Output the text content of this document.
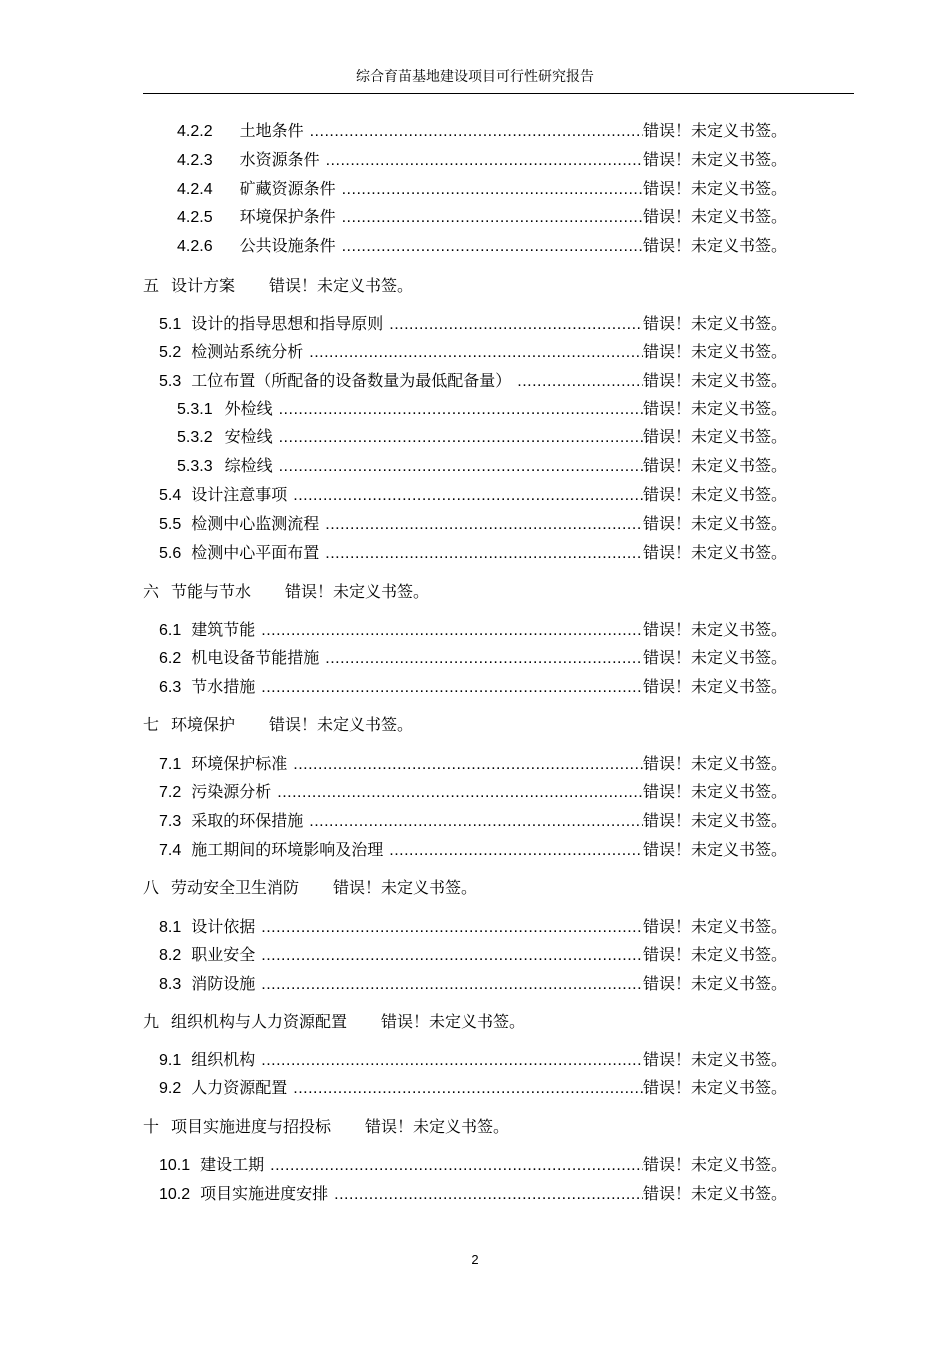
综合育苗基地建设项目可行性研究报告
4.2.2 土地条件 .....	错误！未定义书签。
4.2.3 水资源条件 .....	错误！未定义书签。
4.2.4 矿藏资源条件 .....	错误！未定义书签。
4.2.5 环境保护条件 .....	错误！未定义书签。
4.2.6 公共设施条件 .....	错误！未定义书签。
五 设计方案 错误！未定义书签。
5.1 设计的指导思想和指导原则 .....	错误！未定义书签。
5.2 检测站系统分析 .....	错误！未定义书签。
5.3 工位布置（所配备的设备数量为最低配备量） .....	错误！未定义书签。
5.3.1 外检线 .....	错误！未定义书签。
5.3.2 安检线 .....	错误！未定义书签。
5.3.3 综检线 .....	错误！未定义书签。
5.4 设计注意事项 .....	错误！未定义书签。
5.5 检测中心监测流程 .....	错误！未定义书签。
5.6 检测中心平面布置 .....	错误！未定义书签。
六 节能与节水 错误！未定义书签。
6.1 建筑节能 .....	错误！未定义书签。
6.2 机电设备节能措施 .....	错误！未定义书签。
6.3 节水措施 .....	错误！未定义书签。
七 环境保护 错误！未定义书签。
7.1 环境保护标准 .....	错误！未定义书签。
7.2 污染源分析 .....	错误！未定义书签。
7.3 采取的环保措施 .....	错误！未定义书签。
7.4 施工期间的环境影响及治理 .....	错误！未定义书签。
八 劳动安全卫生消防 错误！未定义书签。
8.1 设计依据 .....	错误！未定义书签。
8.2 职业安全 .....	错误！未定义书签。
8.3 消防设施 .....	错误！未定义书签。
九 组织机构与人力资源配置 错误！未定义书签。
9.1 组织机构 .....	错误！未定义书签。
9.2 人力资源配置 .....	错误！未定义书签。
十 项目实施进度与招投标 错误！未定义书签。
10.1 建设工期 .....	错误！未定义书签。
10.2 项目实施进度安排 .....	错误！未定义书签。
2
